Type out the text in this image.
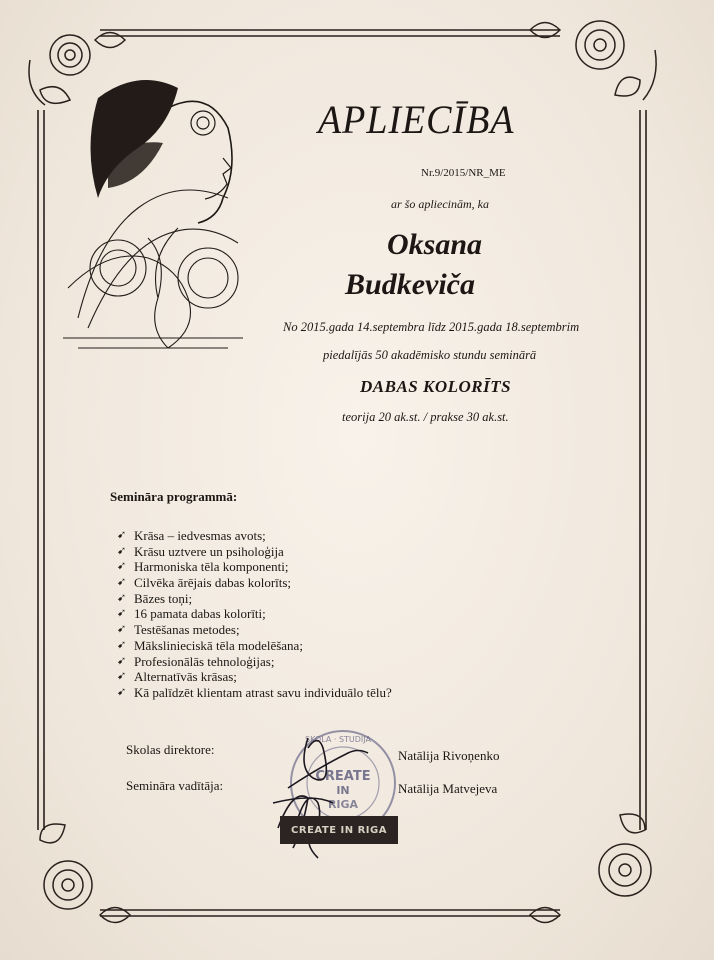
APLIECĪBA
Nr.9/2015/NR_ME
ar šo apliecinām, ka
Oksana
Budkeviča
No 2015.gada 14.septembra līdz 2015.gada 18.septembrim
piedalījās 50 akadēmisko stundu seminārā
DABAS KOLORĪTS
teorija 20 ak.st. / prakse 30 ak.st.
Semināra programmā:
➹ Krāsa – iedvesmas avots;
➹ Krāsu uztvere un psiholoģija
➹ Harmoniska tēla komponenti;
➹ Cilvēka ārējais dabas kolorīts;
➹ Bāzes toņi;
➹ 16 pamata dabas kolorīti;
➹ Testēšanas metodes;
➹ Mākslinieciskā tēla modelēšana;
➹ Profesionālās tehnoloģijas;
➹ Alternatīvās krāsas;
➹ Kā palīdzēt klientam atrast savu individuālo tēlu?
Skolas direktore:	Natālija Rivoņenko
Semināra vadītāja:	Natālija Matvejeva
CREATE
IN
RIGA
SKOLA · STUDIJA
CREATE IN RIGA
